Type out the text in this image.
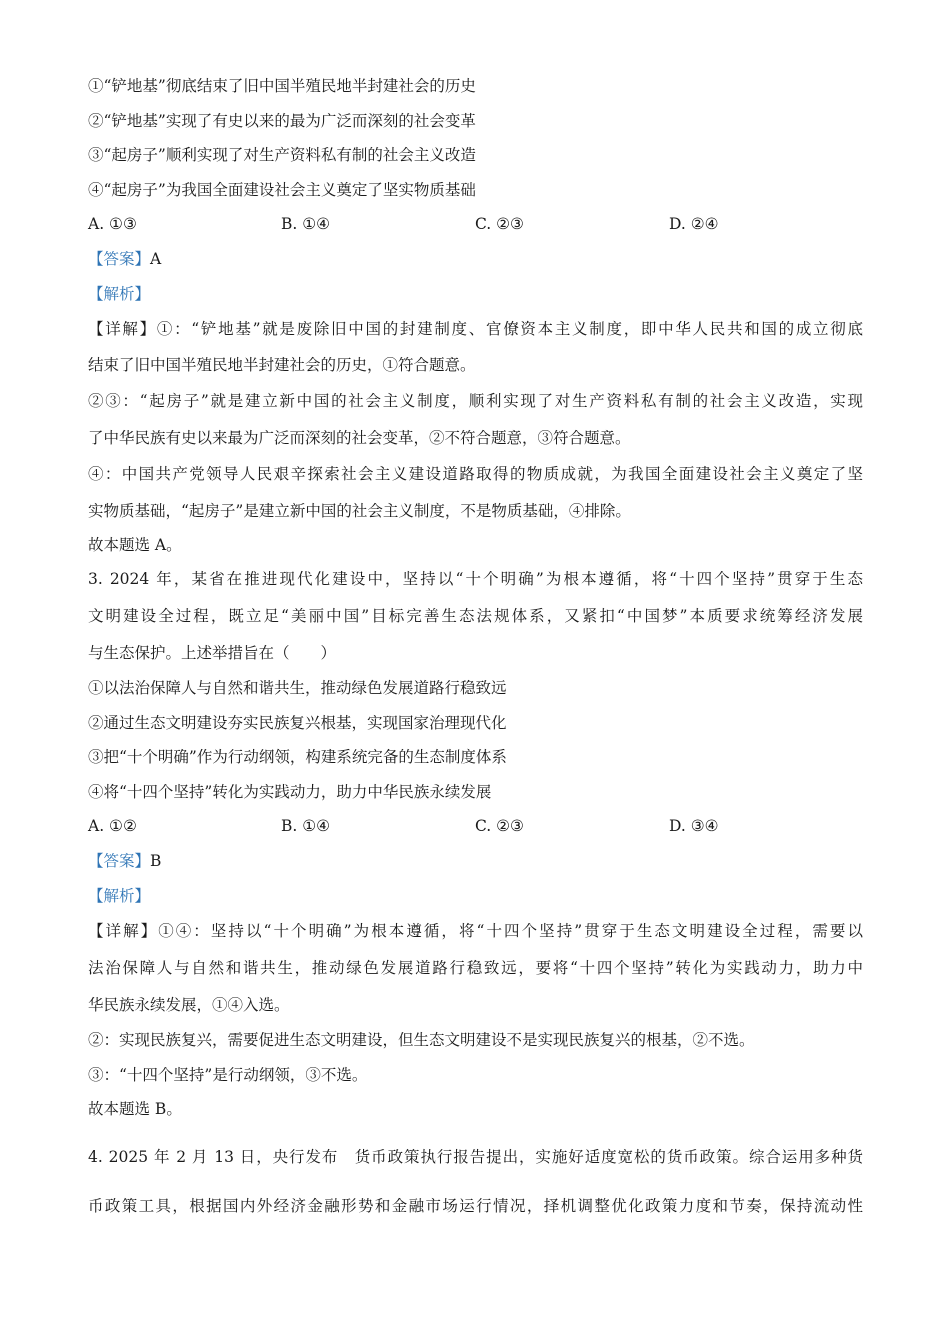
①“铲地基”彻底结束了旧中国半殖民地半封建社会的历史
②“铲地基”实现了有史以来的最为广泛而深刻的社会变革
③“起房子”顺利实现了对生产资料私有制的社会主义改造
④“起房子”为我国全面建设社会主义奠定了坚实物质基础
A. ①③	B. ①④	C. ②③	D. ②④
【答案】A
【解析】
【详解】①：“铲地基”就是废除旧中国的封建制度、官僚资本主义制度，即中华人民共和国的成立彻底
结束了旧中国半殖民地半封建社会的历史，①符合题意。
②③：“起房子”就是建立新中国的社会主义制度，顺利实现了对生产资料私有制的社会主义改造，实现
了中华民族有史以来最为广泛而深刻的社会变革，②不符合题意，③符合题意。
④：中国共产党领导人民艰辛探索社会主义建设道路取得的物质成就，为我国全面建设社会主义奠定了坚
实物质基础，“起房子”是建立新中国的社会主义制度，不是物质基础，④排除。
故本题选 A。
3. 2024 年，某省在推进现代化建设中，坚持以“十个明确”为根本遵循，将“十四个坚持”贯穿于生态
文明建设全过程，既立足“美丽中国”目标完善生态法规体系，又紧扣“中国梦”本质要求统筹经济发展
与生态保护。上述举措旨在（　　）
①以法治保障人与自然和谐共生，推动绿色发展道路行稳致远
②通过生态文明建设夯实民族复兴根基，实现国家治理现代化
③把“十个明确”作为行动纲领，构建系统完备的生态制度体系
④将“十四个坚持”转化为实践动力，助力中华民族永续发展
A. ①②	B. ①④	C. ②③	D. ③④
【答案】B
【解析】
【详解】①④：坚持以“十个明确”为根本遵循，将“十四个坚持”贯穿于生态文明建设全过程，需要以
法治保障人与自然和谐共生，推动绿色发展道路行稳致远，要将“十四个坚持”转化为实践动力，助力中
华民族永续发展，①④入选。
②：实现民族复兴，需要促进生态文明建设，但生态文明建设不是实现民族复兴的根基，②不选。
③：“十四个坚持”是行动纲领，③不选。
故本题选 B。
4. 2025 年 2 月 13 日，央行发布　货币政策执行报告提出，实施好适度宽松的货币政策。综合运用多种货
币政策工具，根据国内外经济金融形势和金融市场运行情况，择机调整优化政策力度和节奏，保持流动性
